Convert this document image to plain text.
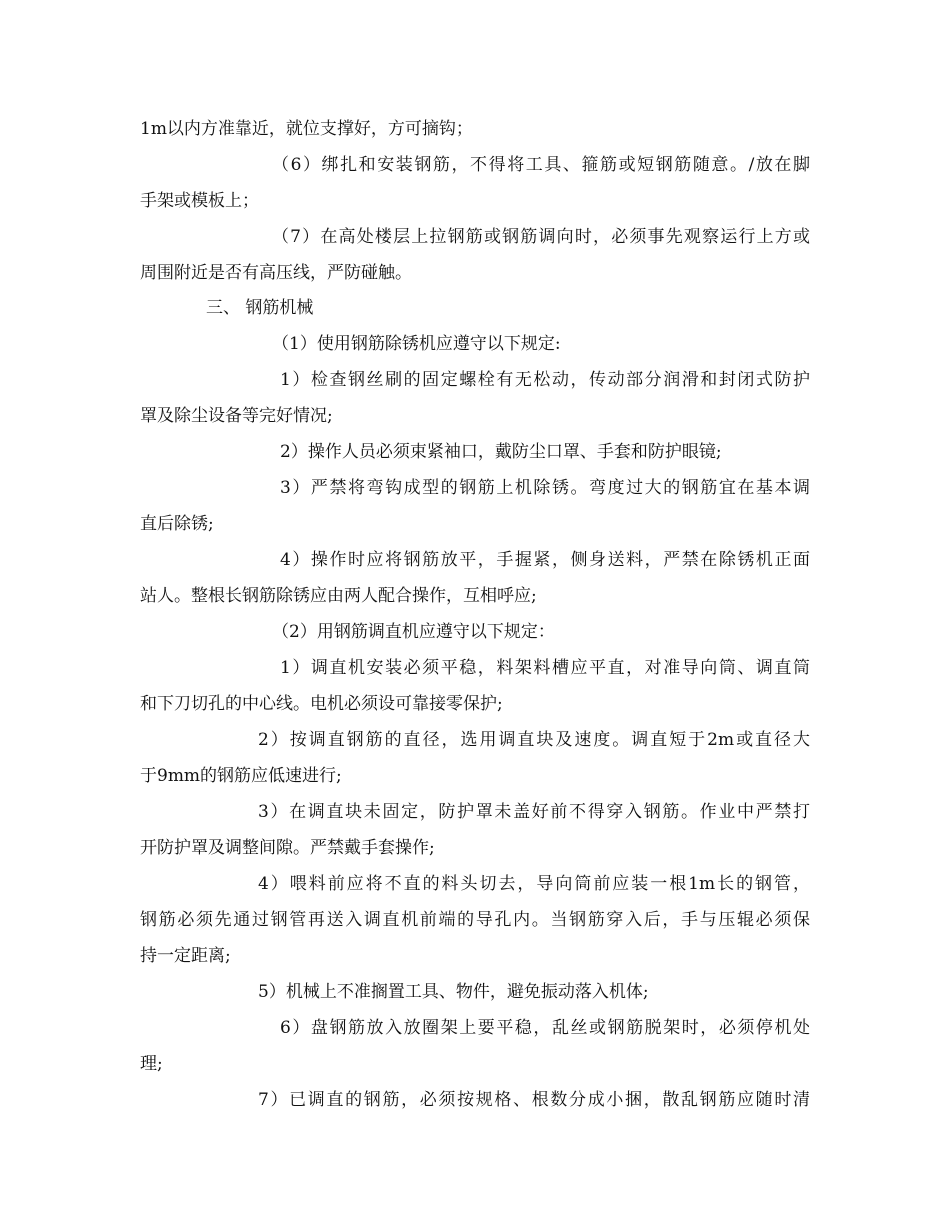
1m以内方准靠近，就位支撑好，方可摘钩；

（6）绑扎和安装钢筋，不得将工具、箍筋或短钢筋随意。/放在脚

手架或模板上；

（7）在高处楼层上拉钢筋或钢筋调向时，必须事先观察运行上方或

周围附近是否有高压线，严防碰触。

三、 钢筋机械

（1）使用钢筋除锈机应遵守以下规定:

1）检查钢丝刷的固定螺栓有无松动，传动部分润滑和封闭式防护

罩及除尘设备等完好情况;

2）操作人员必须束紧袖口，戴防尘口罩、手套和防护眼镜;

3）严禁将弯钩成型的钢筋上机除锈。弯度过大的钢筋宜在基本调

直后除锈;

4）操作时应将钢筋放平，手握紧，侧身送料，严禁在除锈机正面

站人。整根长钢筋除锈应由两人配合操作，互相呼应;

（2）用钢筋调直机应遵守以下规定：

1）调直机安装必须平稳，料架料槽应平直，对准导向筒、调直筒

和下刀切孔的中心线。电机必须设可靠接零保护;

2）按调直钢筋的直径，选用调直块及速度。调直短于2m或直径大

于9mm的钢筋应低速进行;

3）在调直块未固定，防护罩未盖好前不得穿入钢筋。作业中严禁打

开防护罩及调整间隙。严禁戴手套操作;

4）喂料前应将不直的料头切去，导向筒前应装一根1m长的钢管，

钢筋必须先通过钢管再送入调直机前端的导孔内。当钢筋穿入后，手与压辊必须保

持一定距离;

5）机械上不准搁置工具、物件，避免振动落入机体;

6）盘钢筋放入放圈架上要平稳，乱丝或钢筋脱架时，必须停机处

理;

7）已调直的钢筋，必须按规格、根数分成小捆，散乱钢筋应随时清
